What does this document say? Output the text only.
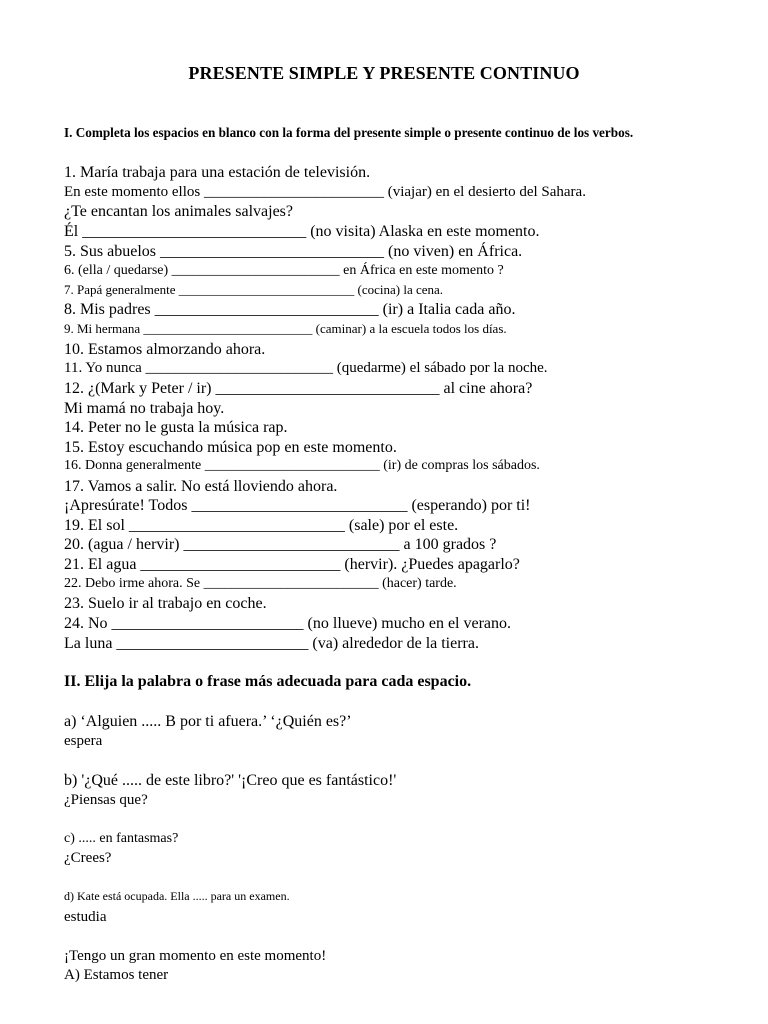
PRESENTE SIMPLE Y PRESENTE CONTINUO
I. Completa los espacios en blanco con la forma del presente simple o presente continuo de los verbos.
1. María trabaja para una estación de televisión.
En este momento ellos ________________________ (viajar) en el desierto del Sahara.
¿Te encantan los animales salvajes?
Él ____________________________ (no visita) Alaska en este momento.
5. Sus abuelos ____________________________ (no viven) en África.
6. (ella / quedarse) ________________________ en África en este momento ?
7. Papá generalmente ___________________________ (cocina) la cena.
8. Mis padres ____________________________ (ir) a Italia cada año.
9. Mi hermana __________________________ (caminar) a la escuela todos los días.
10. Estamos almorzando ahora.
11. Yo nunca _________________________ (quedarme) el sábado por la noche.
12. ¿(Mark y Peter / ir) ____________________________ al cine ahora?
Mi mamá no trabaja hoy.
14. Peter no le gusta la música rap.
15. Estoy escuchando música pop en este momento.
16. Donna generalmente _________________________ (ir) de compras los sábados.
17. Vamos a salir. No está lloviendo ahora.
¡Apresúrate! Todos ___________________________ (esperando) por ti!
19. El sol ___________________________ (sale) por el este.
20. (agua / hervir) ___________________________ a 100 grados ?
21. El agua _________________________ (hervir). ¿Puedes apagarlo?
22. Debo irme ahora. Se _________________________ (hacer) tarde.
23. Suelo ir al trabajo en coche.
24. No ________________________ (no llueve) mucho en el verano.
La luna ________________________ (va) alrededor de la tierra.
II. Elija la palabra o frase más adecuada para cada espacio.
a) ‘Alguien ..... B por ti afuera.’ ‘¿Quién es?’
espera
b) '¿Qué ..... de este libro?' '¡Creo que es fantástico!'
¿Piensas que?
c) ..... en fantasmas?
¿Crees?
d) Kate está ocupada. Ella ..... para un examen.
estudia
¡Tengo un gran momento en este momento!
A) Estamos tener
